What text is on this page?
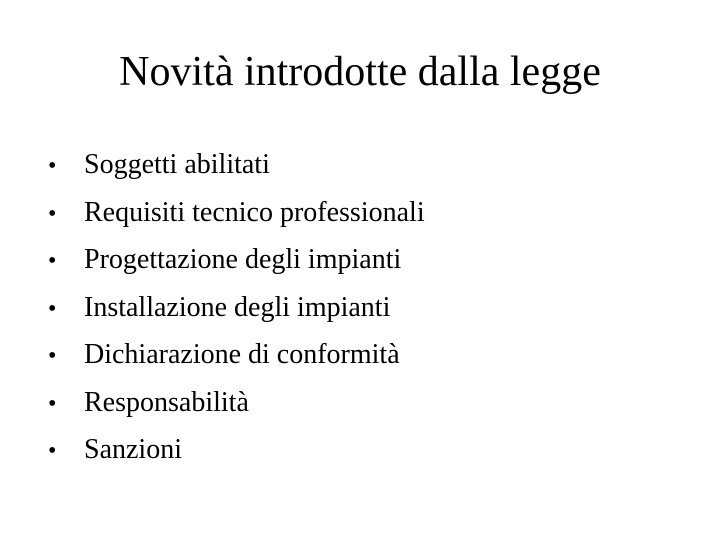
Novità introdotte dalla legge
• Soggetti abilitati
• Requisiti tecnico professionali
• Progettazione degli impianti
• Installazione degli impianti
• Dichiarazione di conformità
• Responsabilità
• Sanzioni
